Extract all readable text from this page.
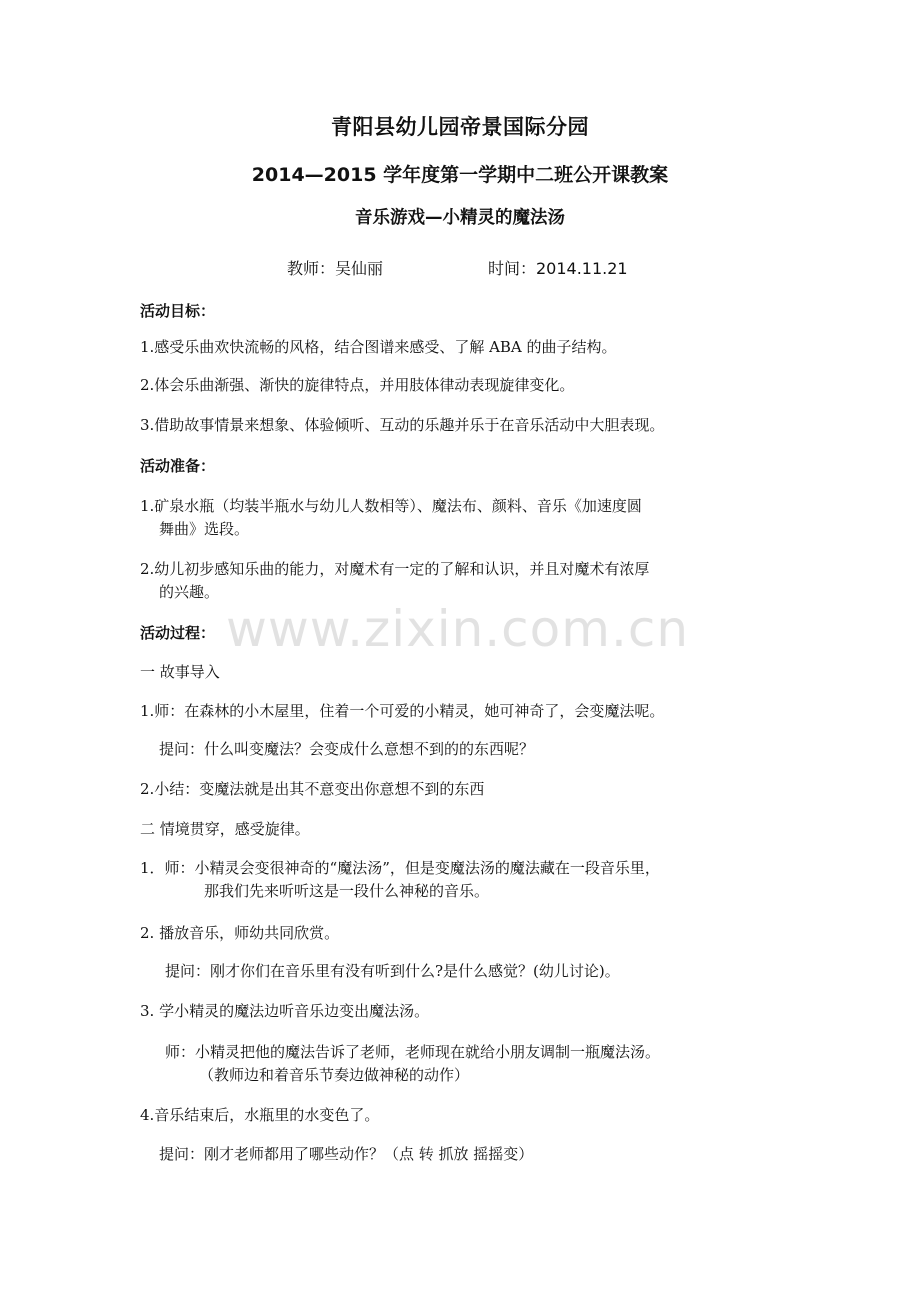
青阳县幼儿园帝景国际分园
2014—2015 学年度第一学期中二班公开课教案
音乐游戏—小精灵的魔法汤
教师：吴仙丽	时间：2014.11.21
活动目标：
1.感受乐曲欢快流畅的风格，结合图谱来感受、了解 ABA 的曲子结构。
2.体会乐曲渐强、渐快的旋律特点，并用肢体律动表现旋律变化。
3.借助故事情景来想象、体验倾听、互动的乐趣并乐于在音乐活动中大胆表现。
活动准备：
1.矿泉水瓶（均装半瓶水与幼儿人数相等）、魔法布、颜料、音乐《加速度圆
舞曲》选段。
2.幼儿初步感知乐曲的能力，对魔术有一定的了解和认识，并且对魔术有浓厚
的兴趣。
活动过程：
一 故事导入
1.师：在森林的小木屋里，住着一个可爱的小精灵，她可神奇了，会变魔法呢。
提问：什么叫变魔法？会变成什么意想不到的的东西呢？
2.小结：变魔法就是出其不意变出你意想不到的东西
二 情境贯穿，感受旋律。
1．师：小精灵会变很神奇的“魔法汤”，但是变魔法汤的魔法藏在一段音乐里，
那我们先来听听这是一段什么神秘的音乐。
2. 播放音乐，师幼共同欣赏。
提问：刚才你们在音乐里有没有听到什么?是什么感觉？(幼儿讨论)。
3. 学小精灵的魔法边听音乐边变出魔法汤。
师：小精灵把他的魔法告诉了老师，老师现在就给小朋友调制一瓶魔法汤。
（教师边和着音乐节奏边做神秘的动作）
4.音乐结束后，水瓶里的水变色了。
提问：刚才老师都用了哪些动作？（点 转 抓放 摇摇变）
www.zixin.com.cn
